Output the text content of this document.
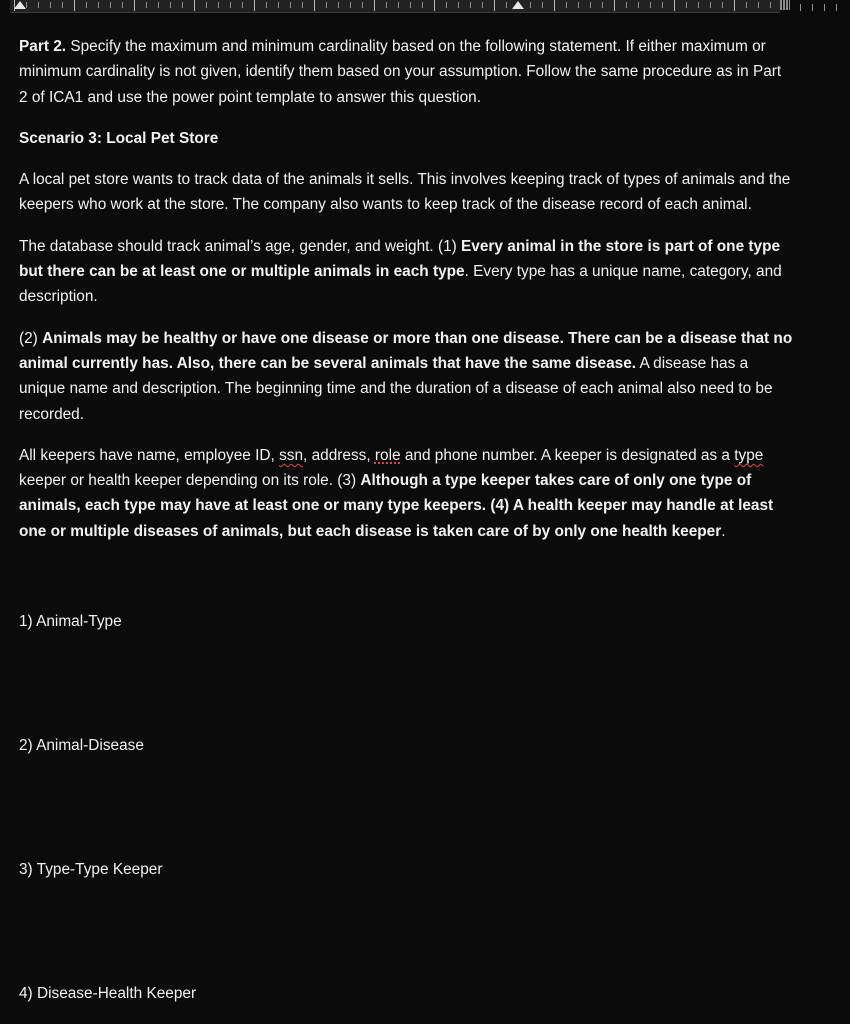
Part 2. Specify the maximum and minimum cardinality based on the following statement. If either maximum or minimum cardinality is not given, identify them based on your assumption. Follow the same procedure as in Part 2 of ICA1 and use the power point template to answer this question.

Scenario 3: Local Pet Store

A local pet store wants to track data of the animals it sells. This involves keeping track of types of animals and the keepers who work at the store. The company also wants to keep track of the disease record of each animal.

The database should track animal’s age, gender, and weight. (1) Every animal in the store is part of one type but there can be at least one or multiple animals in each type. Every type has a unique name, category, and description.

(2) Animals may be healthy or have one disease or more than one disease. There can be a disease that no animal currently has. Also, there can be several animals that have the same disease. A disease has a unique name and description. The beginning time and the duration of a disease of each animal also need to be recorded.

All keepers have name, employee ID, ssn, address, role and phone number. A keeper is designated as a type keeper or health keeper depending on its role. (3) Although a type keeper takes care of only one type of animals, each type may have at least one or many type keepers. (4) A health keeper may handle at least one or multiple diseases of animals, but each disease is taken care of by only one health keeper.

1) Animal-Type

2) Animal-Disease

3) Type-Type Keeper

4) Disease-Health Keeper
